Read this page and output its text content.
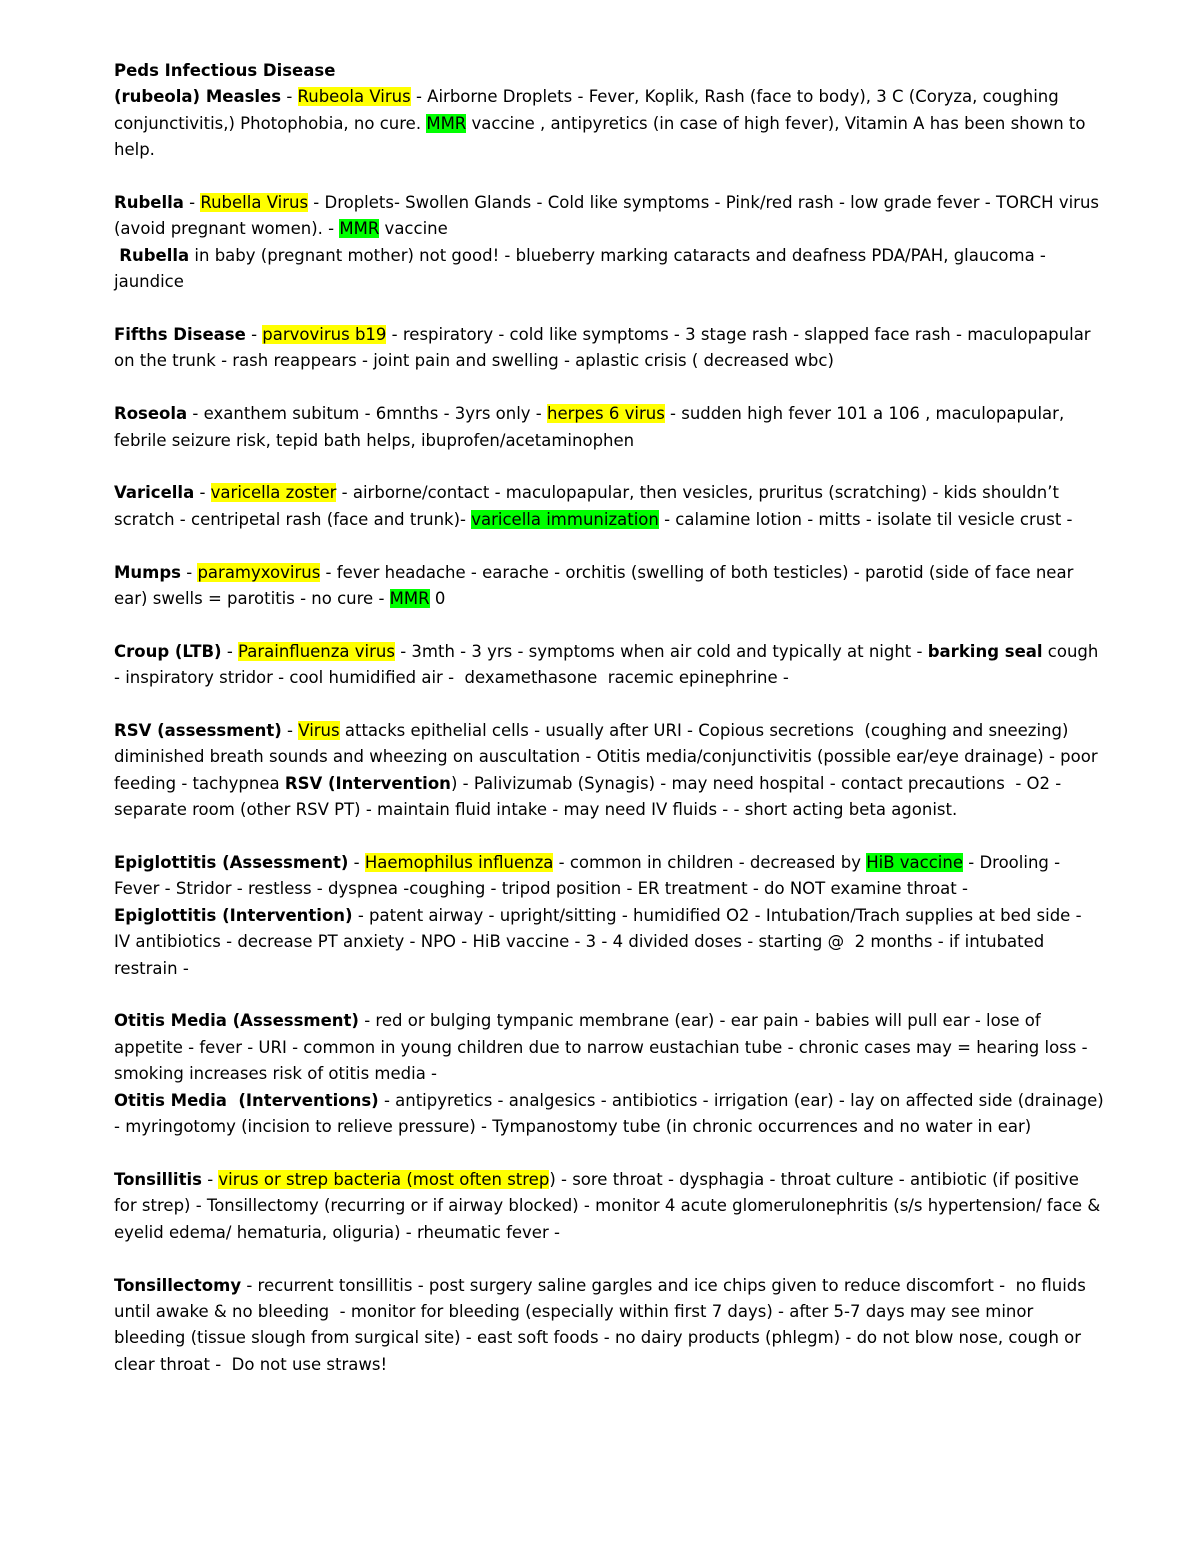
Peds Infectious Disease
(rubeola) Measles - Rubeola Virus - Airborne Droplets - Fever, Koplik, Rash (face to body), 3 C (Coryza, coughing conjunctivitis,) Photophobia, no cure. MMR vaccine , antipyretics (in case of high fever), Vitamin A has been shown to help.
Rubella - Rubella Virus - Droplets- Swollen Glands - Cold like symptoms - Pink/red rash - low grade fever - TORCH virus (avoid pregnant women). - MMR vaccine
Rubella in baby (pregnant mother) not good! - blueberry marking cataracts and deafness PDA/PAH, glaucoma - jaundice
Fifths Disease - parvovirus b19 - respiratory - cold like symptoms - 3 stage rash - slapped face rash - maculopapular on the trunk - rash reappears - joint pain and swelling - aplastic crisis ( decreased wbc)
Roseola - exanthem subitum - 6mnths - 3yrs only - herpes 6 virus - sudden high fever 101 a 106 , maculopapular, febrile seizure risk, tepid bath helps, ibuprofen/acetaminophen
Varicella - varicella zoster - airborne/contact - maculopapular, then vesicles, pruritus (scratching) - kids shouldn’t scratch - centripetal rash (face and trunk)- varicella immunization - calamine lotion - mitts - isolate til vesicle crust -
Mumps - paramyxovirus - fever headache - earache - orchitis (swelling of both testicles) - parotid (side of face near ear) swells = parotitis - no cure - MMR 0
Croup (LTB) - Parainfluenza virus - 3mth - 3 yrs - symptoms when air cold and typically at night - barking seal cough - inspiratory stridor - cool humidified air -  dexamethasone  racemic epinephrine -
RSV (assessment) - Virus attacks epithelial cells - usually after URI - Copious secretions  (coughing and sneezing) diminished breath sounds and wheezing on auscultation - Otitis media/conjunctivitis (possible ear/eye drainage) - poor feeding - tachypnea RSV (Intervention) - Palivizumab (Synagis) - may need hospital - contact precautions  - O2 - separate room (other RSV PT) - maintain fluid intake - may need IV fluids - - short acting beta agonist.
Epiglottitis (Assessment) - Haemophilus influenza - common in children - decreased by HiB vaccine - Drooling - Fever - Stridor - restless - dyspnea -coughing - tripod position - ER treatment - do NOT examine throat -
Epiglottitis (Intervention) - patent airway - upright/sitting - humidified O2 - Intubation/Trach supplies at bed side -          IV antibiotics - decrease PT anxiety - NPO - HiB vaccine - 3 - 4 divided doses - starting @  2 months - if intubated restrain -
Otitis Media (Assessment) - red or bulging tympanic membrane (ear) - ear pain - babies will pull ear - lose of appetite - fever - URI - common in young children due to narrow eustachian tube - chronic cases may = hearing loss - smoking increases risk of otitis media -
Otitis Media  (Interventions) - antipyretics - analgesics - antibiotics - irrigation (ear) - lay on affected side (drainage) - myringotomy (incision to relieve pressure) - Tympanostomy tube (in chronic occurrences and no water in ear)
Tonsillitis - virus or strep bacteria (most often strep) - sore throat - dysphagia - throat culture - antibiotic (if positive for strep) - Tonsillectomy (recurring or if airway blocked) - monitor 4 acute glomerulonephritis (s/s hypertension/ face & eyelid edema/ hematuria, oliguria) - rheumatic fever -
Tonsillectomy - recurrent tonsillitis - post surgery saline gargles and ice chips given to reduce discomfort -  no fluids until awake & no bleeding  - monitor for bleeding (especially within first 7 days) - after 5-7 days may see minor bleeding (tissue slough from surgical site) - east soft foods - no dairy products (phlegm) - do not blow nose, cough or clear throat -  Do not use straws!
